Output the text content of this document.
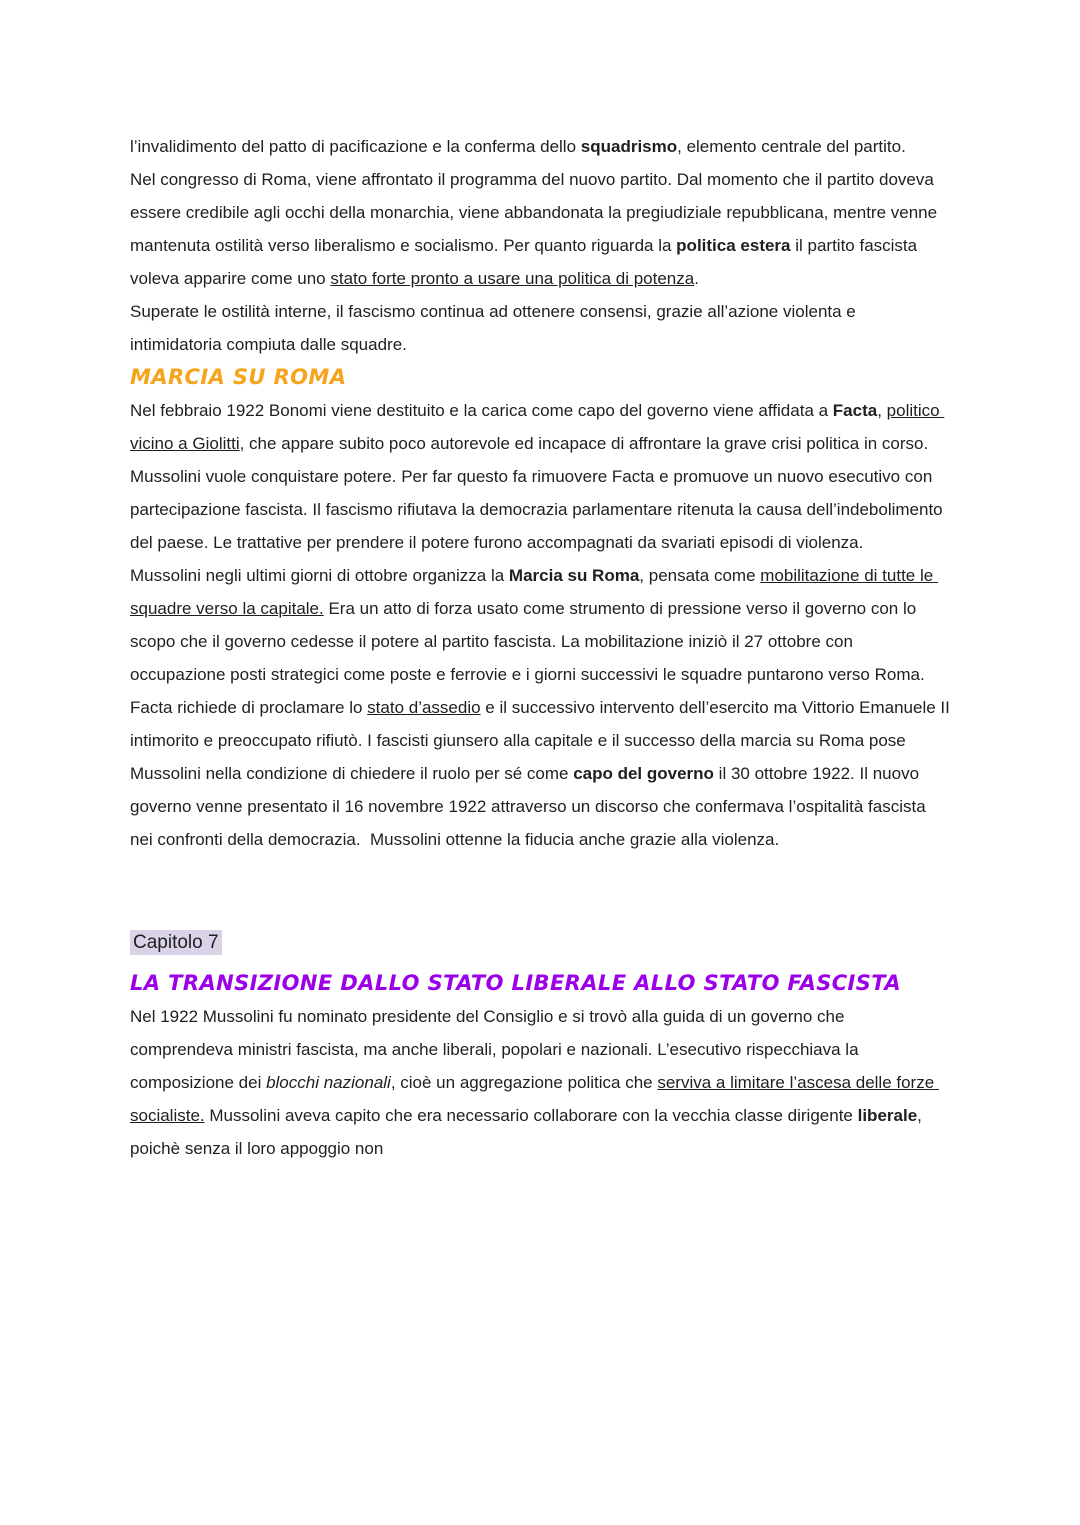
l’invalidimento del patto di pacificazione e la conferma dello squadrismo, elemento centrale del partito.
Nel congresso di Roma, viene affrontato il programma del nuovo partito. Dal momento che il partito doveva essere credibile agli occhi della monarchia, viene abbandonata la pregiudiziale repubblicana, mentre venne mantenuta ostilità verso liberalismo e socialismo. Per quanto riguarda la politica estera il partito fascista voleva apparire come uno stato forte pronto a usare una politica di potenza.
Superate le ostilità interne, il fascismo continua ad ottenere consensi, grazie all’azione violenta e intimidatoria compiuta dalle squadre.
MARCIA SU ROMA
Nel febbraio 1922 Bonomi viene destituito e la carica come capo del governo viene affidata a Facta, politico vicino a Giolitti, che appare subito poco autorevole ed incapace di affrontare la grave crisi politica in corso.
Mussolini vuole conquistare potere. Per far questo fa rimuovere Facta e promuove un nuovo esecutivo con partecipazione fascista. Il fascismo rifiutava la democrazia parlamentare ritenuta la causa dell’indebolimento del paese. Le trattative per prendere il potere furono accompagnati da svariati episodi di violenza.
Mussolini negli ultimi giorni di ottobre organizza la Marcia su Roma, pensata come mobilitazione di tutte le squadre verso la capitale. Era un atto di forza usato come strumento di pressione verso il governo con lo scopo che il governo cedesse il potere al partito fascista. La mobilitazione iniziò il 27 ottobre con occupazione posti strategici come poste e ferrovie e i giorni successivi le squadre puntarono verso Roma. Facta richiede di proclamare lo stato d’assedio e il successivo intervento dell’esercito ma Vittorio Emanuele II intimorito e preoccupato rifiutò. I fascisti giunsero alla capitale e il successo della marcia su Roma pose Mussolini nella condizione di chiedere il ruolo per sé come capo del governo il 30 ottobre 1922. Il nuovo governo venne presentato il 16 novembre 1922 attraverso un discorso che confermava l’ospitalità fascista nei confronti della democrazia.  Mussolini ottenne la fiducia anche grazie alla violenza.
Capitolo 7
LA TRANSIZIONE DALLO STATO LIBERALE ALLO STATO FASCISTA
Nel 1922 Mussolini fu nominato presidente del Consiglio e si trovò alla guida di un governo che comprendeva ministri fascista, ma anche liberali, popolari e nazionali. L’esecutivo rispecchiava la composizione dei blocchi nazionali, cioè un aggregazione politica che serviva a limitare l’ascesa delle forze socialiste. Mussolini aveva capito che era necessario collaborare con la vecchia classe dirigente liberale, poichè senza il loro appoggio non
